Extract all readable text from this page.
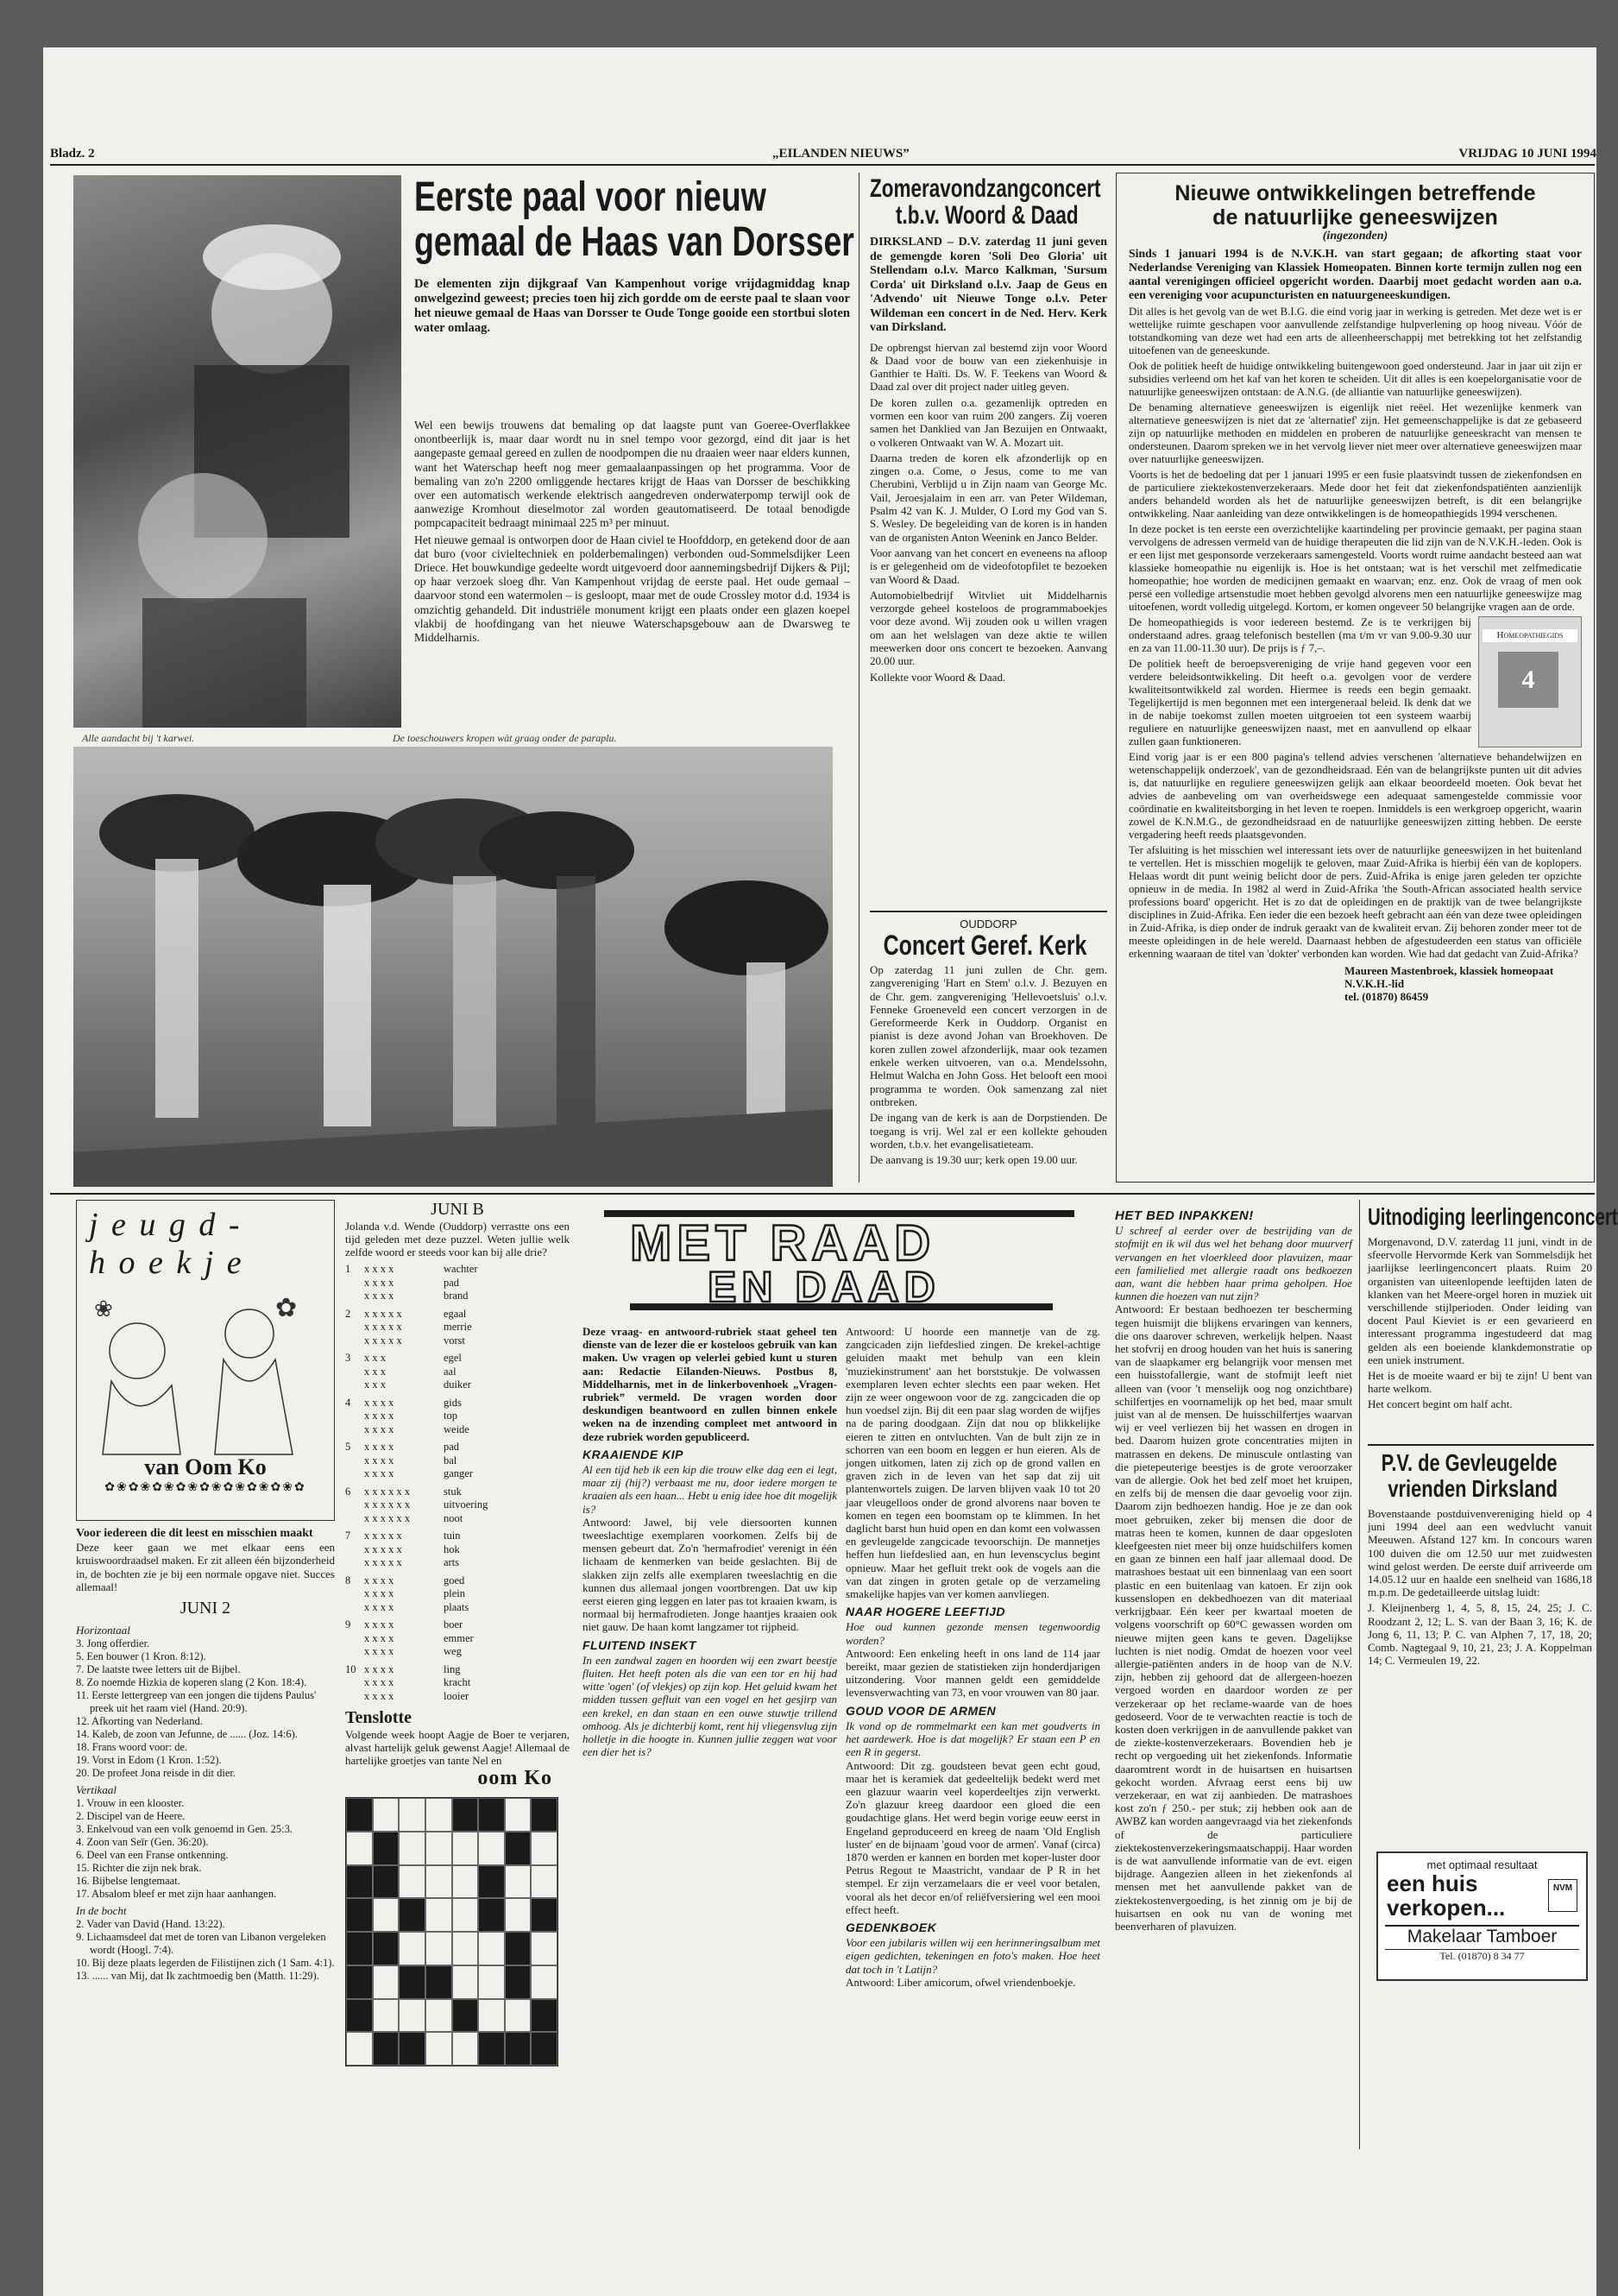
Bladz. 2	„EILANDEN NIEUWS”	VRIJDAG 10 JUNI 1994
Alle aandacht bij 't karwei.	De toeschouwers kropen wàt graag onder de paraplu.
Eerste paal voor nieuw
gemaal de Haas van Dorsser
De elementen zijn dijkgraaf Van Kampenhout vorige vrijdagmiddag knap onwelgezind geweest; precies toen hij zich gordde om de eerste paal te slaan voor het nieuwe gemaal de Haas van Dorsser te Oude Tonge gooide een stortbui sloten water omlaag.

Wel een bewijs trouwens dat bemaling op dat laagste punt van Goeree-Overflakkee onontbeerlijk is, maar daar wordt nu in snel tempo voor gezorgd, eind dit jaar is het aangepaste gemaal gereed en zullen de noodpompen die nu draaien weer naar elders kunnen, want het Waterschap heeft nog meer gemaalaanpassingen op het programma. Voor de bemaling van zo'n 2200 omliggende hectares krijgt de Haas van Dorsser de beschikking over een automatisch werkende elektrisch aangedreven onderwaterpomp terwijl ook de aanwezige Kromhout dieselmotor zal worden geautomatiseerd. De totaal benodigde pompcapaciteit bedraagt minimaal 225 m³ per minuut.

Het nieuwe gemaal is ontworpen door de Haan civiel te Hoofddorp, en getekend door de aan dat buro (voor civieltechniek en polderbemalingen) verbonden oud-Sommelsdijker Leen Driece. Het bouwkundige gedeelte wordt uitgevoerd door aannemingsbedrijf Dijkers & Pijl; op haar verzoek sloeg dhr. Van Kampenhout vrijdag de eerste paal. Het oude gemaal – daarvoor stond een watermolen – is gesloopt, maar met de oude Crossley motor d.d. 1934 is omzichtig gehandeld. Dit industriële monument krijgt een plaats onder een glazen koepel vlakbij de hoofdingang van het nieuwe Waterschapsgebouw aan de Dwarsweg te Middelharnis.

Zomeravondzangconcert
t.b.v. Woord & Daad
DIRKSLAND – D.V. zaterdag 11 juni geven de gemengde koren 'Soli Deo Gloria' uit Stellendam o.l.v. Marco Kalkman, 'Sursum Corda' uit Dirksland o.l.v. Jaap de Geus en 'Advendo' uit Nieuwe Tonge o.l.v. Peter Wildeman een concert in de Ned. Herv. Kerk van Dirksland.

De opbrengst hiervan zal bestemd zijn voor Woord & Daad voor de bouw van een ziekenhuisje in Ganthier te Haïti. Ds. W. F. Teekens van Woord & Daad zal over dit project nader uitleg geven.

De koren zullen o.a. gezamenlijk optreden en vormen een koor van ruim 200 zangers. Zij voeren samen het Danklied van Jan Bezuijen en Ontwaakt, o volkeren Ontwaakt van W. A. Mozart uit.

Daarna treden de koren elk afzonderlijk op en zingen o.a. Come, o Jesus, come to me van Cherubini, Verblijd u in Zijn naam van George Mc. Vail, Jeroesjalaim in een arr. van Peter Wildeman, Psalm 42 van K. J. Mulder, O Lord my God van S. S. Wesley. De begeleiding van de koren is in handen van de organisten Anton Weenink en Janco Belder.

Voor aanvang van het concert en eveneens na afloop is er gelegenheid om de videofotopfilet te bezoeken van Woord & Daad.

Automobielbedrijf Witvliet uit Middelharnis verzorgde geheel kosteloos de programmaboekjes voor deze avond. Wij zouden ook u willen vragen om aan het welslagen van deze aktie te willen meewerken door ons concert te bezoeken. Aanvang 20.00 uur.

Kollekte voor Woord & Daad.

OUDDORP
Concert Geref. Kerk

Op zaterdag 11 juni zullen de Chr. gem. zangvereniging 'Hart en Stem' o.l.v. J. Bezuyen en de Chr. gem. zangvereniging 'Hellevoetsluis' o.l.v. Fenneke Groeneveld een concert verzorgen in de Gereformeerde Kerk in Ouddorp. Organist en pianist is deze avond Johan van Broekhoven. De koren zullen zowel afzonderlijk, maar ook tezamen enkele werken uitvoeren, van o.a. Mendelssohn, Helmut Walcha en John Goss. Het belooft een mooi programma te worden. Ook samenzang zal niet ontbreken.

De ingang van de kerk is aan de Dorpstienden. De toegang is vrij. Wel zal er een kollekte gehouden worden, t.b.v. het evangelisatieteam.

De aanvang is 19.30 uur; kerk open 19.00 uur.

Nieuwe ontwikkelingen betreffende
de natuurlijke geneeswijzen
(ingezonden)
Sinds 1 januari 1994 is de N.V.K.H. van start gegaan; de afkorting staat voor Nederlandse Vereniging van Klassiek Homeopaten. Binnen korte termijn zullen nog een aantal verenigingen officieel opgericht worden. Daarbij moet gedacht worden aan o.a. een vereniging voor acupuncturisten en natuurgeneeskundigen.

Dit alles is het gevolg van de wet B.I.G. die eind vorig jaar in werking is getreden. Met deze wet is er wettelijke ruimte geschapen voor aanvullende zelfstandige hulpverlening op hoog niveau. Vóór de totstandkoming van deze wet had een arts de alleenheerschappij met betrekking tot het zelfstandig uitoefenen van de geneeskunde.

Ook de politiek heeft de huidige ontwikkeling buitengewoon goed ondersteund. Jaar in jaar uit zijn er subsidies verleend om het kaf van het koren te scheiden. Uit dit alles is een koepelorganisatie voor de natuurlijke geneeswijzen ontstaan: de A.N.G. (de alliantie van natuurlijke geneeswijzen).

De benaming alternatieve geneeswijzen is eigenlijk niet reëel. Het wezenlijke kenmerk van alternatieve geneeswijzen is niet dat ze 'alternatief' zijn. Het gemeenschappelijke is dat ze gebaseerd zijn op natuurlijke methoden en middelen en proberen de natuurlijke geneeskracht van mensen te ondersteunen. Daarom spreken we in het vervolg liever niet meer over alternatieve geneeswijzen maar over natuurlijke geneeswijzen.

Voorts is het de bedoeling dat per 1 januari 1995 er een fusie plaatsvindt tussen de ziekenfondsen en de particuliere ziektekostenverzekeraars. Mede door het feit dat ziekenfondspatiënten aanzienlijk anders behandeld worden als het de natuurlijke geneeswijzen betreft, is dit een belangrijke ontwikkeling. Naar aanleiding van deze ontwikkelingen is de homeopathiegids 1994 verschenen.

In deze pocket is ten eerste een overzichtelijke kaartindeling per provincie gemaakt, per pagina staan vervolgens de adressen vermeld van de huidige therapeuten die lid zijn van de N.V.K.H.-leden. Ook is er een lijst met gesponsorde verzekeraars samengesteld. Voorts wordt ruime aandacht besteed aan wat klassieke homeopathie nu eigenlijk is. Hoe is het ontstaan; wat is het verschil met zelfmedicatie homeopathie; hoe worden de medicijnen gemaakt en waarvan; enz. enz. Ook de vraag of men ook persé een volledige artsenstudie moet hebben gevolgd alvorens men een natuurlijke geneeswijze mag uitoefenen, wordt volledig uitgelegd. Kortom, er komen ongeveer 50 belangrijke vragen aan de orde.

De homeopathiegids is voor iedereen bestemd. Ze is te verkrijgen bij onderstaand adres. graag telefonisch bestellen (ma t/m vr van 9.00-9.30 uur en za van 11.00-11.30 uur). De prijs is ƒ 7,–.

De politiek heeft de beroepsvereniging de vrije hand gegeven voor een verdere beleidsontwikkeling. Dit heeft o.a. gevolgen voor de verdere kwaliteitsontwikkeld zal worden. Hiermee is reeds een begin gemaakt. Tegelijkertijd is men begonnen met een intergeneraal beleid. Ik denk dat we in de nabije toekomst zullen moeten uitgroeien tot een systeem waarbij reguliere en natuurlijke geneeswijzen naast, met en aanvullend op elkaar zullen gaan funktioneren.

Homeopathiegids
4

Eind vorig jaar is er een 800 pagina's tellend advies verschenen 'alternatieve behandelwijzen en wetenschappelijk onderzoek', van de gezondheidsraad. Eén van de belangrijkste punten uit dit advies is, dat natuurlijke en reguliere geneeswijzen gelijk aan elkaar beoordeeld moeten. Ook bevat het advies de aanbeveling om van overheidswege een adequaat samengestelde commissie voor coördinatie en kwaliteitsborging in het leven te roepen. Inmiddels is een werkgroep opgericht, waarin zowel de K.N.M.G., de gezondheidsraad en de natuurlijke geneeswijzen zitting hebben. De eerste vergadering heeft reeds plaatsgevonden.

Ter afsluiting is het misschien wel interessant iets over de natuurlijke geneeswijzen in het buitenland te vertellen. Het is misschien mogelijk te geloven, maar Zuid-Afrika is hierbij één van de koplopers. Helaas wordt dit punt weinig belicht door de pers. Zuid-Afrika is enige jaren geleden ter opzichte opnieuw in de media. In 1982 al werd in Zuid-Afrika 'the South-African associated health service professions board' opgericht. Het is zo dat de opleidingen en de praktijk van de twee belangrijkste disciplines in Zuid-Afrika. Een ieder die een bezoek heeft gebracht aan één van deze twee opleidingen in Zuid-Afrika, is diep onder de indruk geraakt van de kwaliteit ervan. Zij behoren zonder meer tot de meeste opleidingen in de hele wereld. Daarnaast hebben de afgestudeerden een status van officiële erkenning waaraan de titel van 'dokter' verbonden kan worden. Wie had dat gedacht van Zuid-Afrika?

Maureen Mastenbroek, klassiek homeopaat
N.V.K.H.-lid
tel. (01870) 86459
j e u g d -
h o e k j e
✿
❀
van Oom Ko
✿❀✿❀✿❀✿❀✿❀✿❀✿❀✿❀✿
Voor iedereen die dit leest en misschien maakt
Deze keer gaan we met elkaar eens een kruiswoordraadsel maken. Er zit alleen één bijzonderheid in, de bochten zie je bij een normale opgave niet. Succes allemaal!
JUNI 2
Horizontaal
3. Jong offerdier.
5. Een bouwer (1 Kron. 8:12).
7. De laatste twee letters uit de Bijbel.
8. Zo noemde Hizkia de koperen slang (2 Kon. 18:4).
11. Eerste lettergreep van een jongen die tijdens Paulus' preek uit het raam viel (Hand. 20:9).
12. Afkorting van Nederland.
14. Kaleb, de zoon van Jefunne, de ...... (Joz. 14:6).
18. Frans woord voor: de.
19. Vorst in Edom (1 Kron. 1:52).
20. De profeet Jona reisde in dit dier.
Vertikaal
1. Vrouw in een klooster.
2. Discipel van de Heere.
3. Enkelvoud van een volk genoemd in Gen. 25:3.
4. Zoon van Seïr (Gen. 36:20).
6. Deel van een Franse ontkenning.
15. Richter die zijn nek brak.
16. Bijbelse lengtemaat.
17. Absalom bleef er met zijn haar aanhangen.
In de bocht
2. Vader van David (Hand. 13:22).
9. Lichaamsdeel dat met de toren van Libanon vergeleken wordt (Hoogl. 7:4).
10. Bij deze plaats legerden de Filistijnen zich (1 Sam. 4:1).
13. ...... van Mij, dat Ik zachtmoedig ben (Matth. 11:29).
JUNI B
Jolanda v.d. Wende (Ouddorp) verrastte ons een tijd geleden met deze puzzel. Weten jullie welk zelfde woord er steeds voor kan bij alle drie?
1	x x x x	wachter
x x x x	pad
x x x x	brand
2	x x x x x	egaal
x x x x x	merrie
x x x x x	vorst
3	x x x	egel
x x x	aal
x x x	duiker
4	x x x x	gids
x x x x	top
x x x x	weide
5	x x x x	pad
x x x x	bal
x x x x	ganger
6	x x x x x x	stuk
x x x x x x	uitvoering
x x x x x x	noot
7	x x x x x	tuin
x x x x x	hok
x x x x x	arts
8	x x x x	goed
x x x x	plein
x x x x	plaats
9	x x x x	boer
x x x x	emmer
x x x x	weg
10 x x x x	ling
x x x x	kracht
x x x x	looier
Tenslotte
Volgende week hoopt Aagje de Boer te verjaren, alvast hartelijk geluk gewenst Aagje! Allemaal de hartelijke groetjes van tante Nel en
oom Ko
MET RAAD
EN DAAD
Deze vraag- en antwoord-rubriek staat geheel ten dienste van de lezer die er kosteloos gebruik van kan maken. Uw vragen op velerlei gebied kunt u sturen aan: Redactie Eilanden-Nieuws. Postbus 8, Middelharnis, met in de linkerbovenhoek „Vragen-rubriek” vermeld. De vragen worden door deskundigen beantwoord en zullen binnen enkele weken na de inzending compleet met antwoord in deze rubriek worden gepubliceerd.
KRAAIENDE KIP
Al een tijd heb ik een kip die trouw elke dag een ei legt, maar zij (hij?) verbaast me nu, door iedere morgen te kraaien als een haan... Hebt u enig idee hoe dit mogelijk is?
Antwoord: Jawel, bij vele diersoorten kunnen tweeslachtige exemplaren voorkomen. Zelfs bij de mensen gebeurt dat. Zo'n 'hermafrodiet' verenigt in één lichaam de kenmerken van beide geslachten. Bij de slakken zijn zelfs alle exemplaren tweeslachtig en die kunnen dus allemaal jongen voortbrengen. Dat uw kip eerst eieren ging leggen en later pas tot kraaien kwam, is normaal bij hermafrodieten. Jonge haantjes kraaien ook niet gauw. De haan komt langzamer tot rijpheid.
FLUITEND INSEKT
In een zandwal zagen en hoorden wij een zwart beestje fluiten. Het heeft poten als die van een tor en hij had witte 'ogen' (of vlekjes) op zijn kop. Het geluid kwam het midden tussen gefluit van een vogel en het gesjirp van een krekel, en dan staan en een ouwe stuwtje trillend omhoog. Als je dichterbij komt, rent hij vliegensvlug zijn holletje in die hoogte in. Kunnen jullie zeggen wat voor een dier het is?
Antwoord: U hoorde een mannetje van de zg. zangcicaden zijn liefdeslied zingen. De krekel-achtige geluiden maakt met behulp van een klein 'muziekinstrument' aan het borststukje. De volwassen exemplaren leven echter slechts een paar weken. Het zijn ze weer ongewoon voor de zg. zangcicaden die op hun voedsel zijn. Bij dit een paar slag worden de wijfjes na de paring doodgaan. Zijn dat nou op blikkelijke eieren te zitten en ontvluchten. Van de bult zijn ze in schorren van een boom en leggen er hun eieren. Als de jongen uitkomen, laten zij zich op de grond vallen en graven zich in de leven van het sap dat zij uit plantenwortels zuigen. De larven blijven vaak 10 tot 20 jaar vleugelloos onder de grond alvorens naar boven te komen en tegen een boomstam op te klimmen. In het daglicht barst hun huid open en dan komt een volwassen en gevleugelde zangcicade tevoorschijn. De mannetjes heffen hun liefdeslied aan, en hun levenscyclus begint opnieuw. Maar het gefluit trekt ook de vogels aan die van dat zingen in groten getale op de verzameling smakelijke hapjes van ver komen aanvliegen.
NAAR HOGERE LEEFTIJD
Hoe oud kunnen gezonde mensen tegenwoordig worden?
Antwoord: Een enkeling heeft in ons land de 114 jaar bereikt, maar gezien de statistieken zijn honderdjarigen uitzondering. Voor mannen geldt een gemiddelde levensverwachting van 73, en voor vrouwen van 80 jaar.
GOUD VOOR DE ARMEN
Ik vond op de rommelmarkt een kan met goudverts in het aardewerk. Hoe is dat mogelijk? Er staan een P en een R in gegerst.
Antwoord: Dit zg. goudsteen bevat geen echt goud, maar het is keramiek dat gedeeltelijk bedekt werd met een glazuur waarin veel koperdeeltjes zijn verwerkt. Zo'n glazuur kreeg daardoor een gloed die een goudachtige glans. Het werd begin vorige eeuw eerst in Engeland geproduceerd en kreeg de naam 'Old English luster' en de bijnaam 'goud voor de armen'. Vanaf (circa) 1870 werden er kannen en borden met koper-luster door Petrus Regout te Maastricht, vandaar de P R in het stempel. Er zijn verzamelaars die er veel voor betalen, vooral als het decor en/of reliëfversiering wel een mooi effect heeft.
GEDENKBOEK
Voor een jubilaris willen wij een herinneringsalbum met eigen gedichten, tekeningen en foto's maken. Hoe heet dat toch in 't Latijn?
Antwoord: Liber amicorum, ofwel vriendenboekje.
HET BED INPAKKEN!
U schreef al eerder over de bestrijding van de stofmijt en ik wil dus wel het behang door muurverf vervangen en het vloerkleed door plavuizen, maar een familielied met allergie raadt ons bedkoezen aan, want die hebben haar prima geholpen. Hoe kunnen die hoezen van nut zijn?
Antwoord: Er bestaan bedhoezen ter bescherming tegen huismijt die blijkens ervaringen van kenners, die ons daarover schreven, werkelijk helpen. Naast het stofvrij en droog houden van het huis is sanering van de slaapkamer erg belangrijk voor mensen met een huisstofallergie, want de stofmijt leeft niet alleen van (voor 't menselijk oog nog onzichtbare) schilfertjes en voornamelijk op het bed, maar smult juist van al de mensen. De huisschilfertjes waarvan wij er veel verliezen bij het wassen en drogen in bed. Daarom huizen grote concentraties mijten in matrassen en dekens. De minuscule ontlasting van die pietepeuterige beestjes is de grote veroorzaker van de allergie. Ook het bed zelf moet het kruipen, en zelfs bij de mensen die daar gevoelig voor zijn. Daarom zijn bedhoezen handig. Hoe je ze dan ook moet gebruiken, zeker bij mensen die door de matras heen te komen, kunnen de daar opgesloten kleefgeesten niet meer bij onze huidschilfers komen en gaan ze binnen een half jaar allemaal dood. De matrashoes bestaat uit een binnenlaag van een soort plastic en een buitenlaag van katoen. Er zijn ook kussenslopen en dekbedhoezen van dit materiaal verkrijgbaar. Eén keer per kwartaal moeten de volgens voorschrift op 60°C gewassen worden om nieuwe mijten geen kans te geven. Dagelijkse luchten is niet nodig. Omdat de hoezen voor veel allergie-patiënten anders in de hoop van de N.V. zijn, hebben zij gehoord dat de allergeen-hoezen vergoed worden en daardoor worden ze per verzekeraar op het reclame-waarde van de hoes gedoseerd. Voor de te verwachten reactie is toch de kosten doen verkrijgen in de aanvullende pakket van de ziekte-kostenverzekeraars. Bovendien heb je recht op vergoeding uit het ziekenfonds. Informatie daaromtrent wordt in de huisartsen en huisartsen gekocht worden. Afvraag eerst eens bij uw verzekeraar, en wat zij aanbieden. De matrashoes kost zo'n ƒ 250.- per stuk; zij hebben ook aan de AWBZ kan worden aangevraagd via het ziekenfonds of de particuliere ziektekostenverzekeringsmaatschappij. Haar worden is de wat aanvullende informatie van de evt. eigen bijdrage. Aangezien alleen in het ziekenfonds al mensen met het aanvullende pakket van de ziektekostenvergoeding, is het zinnig om je bij de huisartsen en ook nu van de woning met beenverharen of plavuizen.
Uitnodiging leerlingenconcert

Morgenavond, D.V. zaterdag 11 juni, vindt in de sfeervolle Hervormde Kerk van Sommelsdijk het jaarlijkse leerlingenconcert plaats. Ruim 20 organisten van uiteenlopende leeftijden laten de klanken van het Meere-orgel horen in muziek uit verschillende stijlperioden. Onder leiding van docent Paul Kieviet is er een gevarieerd en interessant programma ingestudeerd dat mag gelden als een boeiende klankdemonstratie op een uniek instrument.

Het is de moeite waard er bij te zijn! U bent van harte welkom.

Het concert begint om half acht.

P.V. de Gevleugelde
vrienden Dirksland

Bovenstaande postduivenvereniging hield op 4 juni 1994 deel aan een wedvlucht vanuit Meeuwen. Afstand 127 km. In concours waren 100 duiven die om 12.50 uur met zuidwesten wind gelost werden. De eerste duif arriveerde om 14.05.12 uur en haalde een snelheid van 1686,18 m.p.m. De gedetailleerde uitslag luidt:

J. Kleijnenberg 1, 4, 5, 8, 15, 24, 25; J. C. Roodzant 2, 12; L. S. van der Baan 3, 16; K. de Jong 6, 11, 13; P. C. van Alphen 7, 17, 18, 20; Comb. Nagtegaal 9, 10, 21, 23; J. A. Koppelman 14; C. Vermeulen 19, 22.

met optimaal resultaat
een huis
verkopen...
NVM
Makelaar Tamboer
Tel. (01870) 8 34 77
